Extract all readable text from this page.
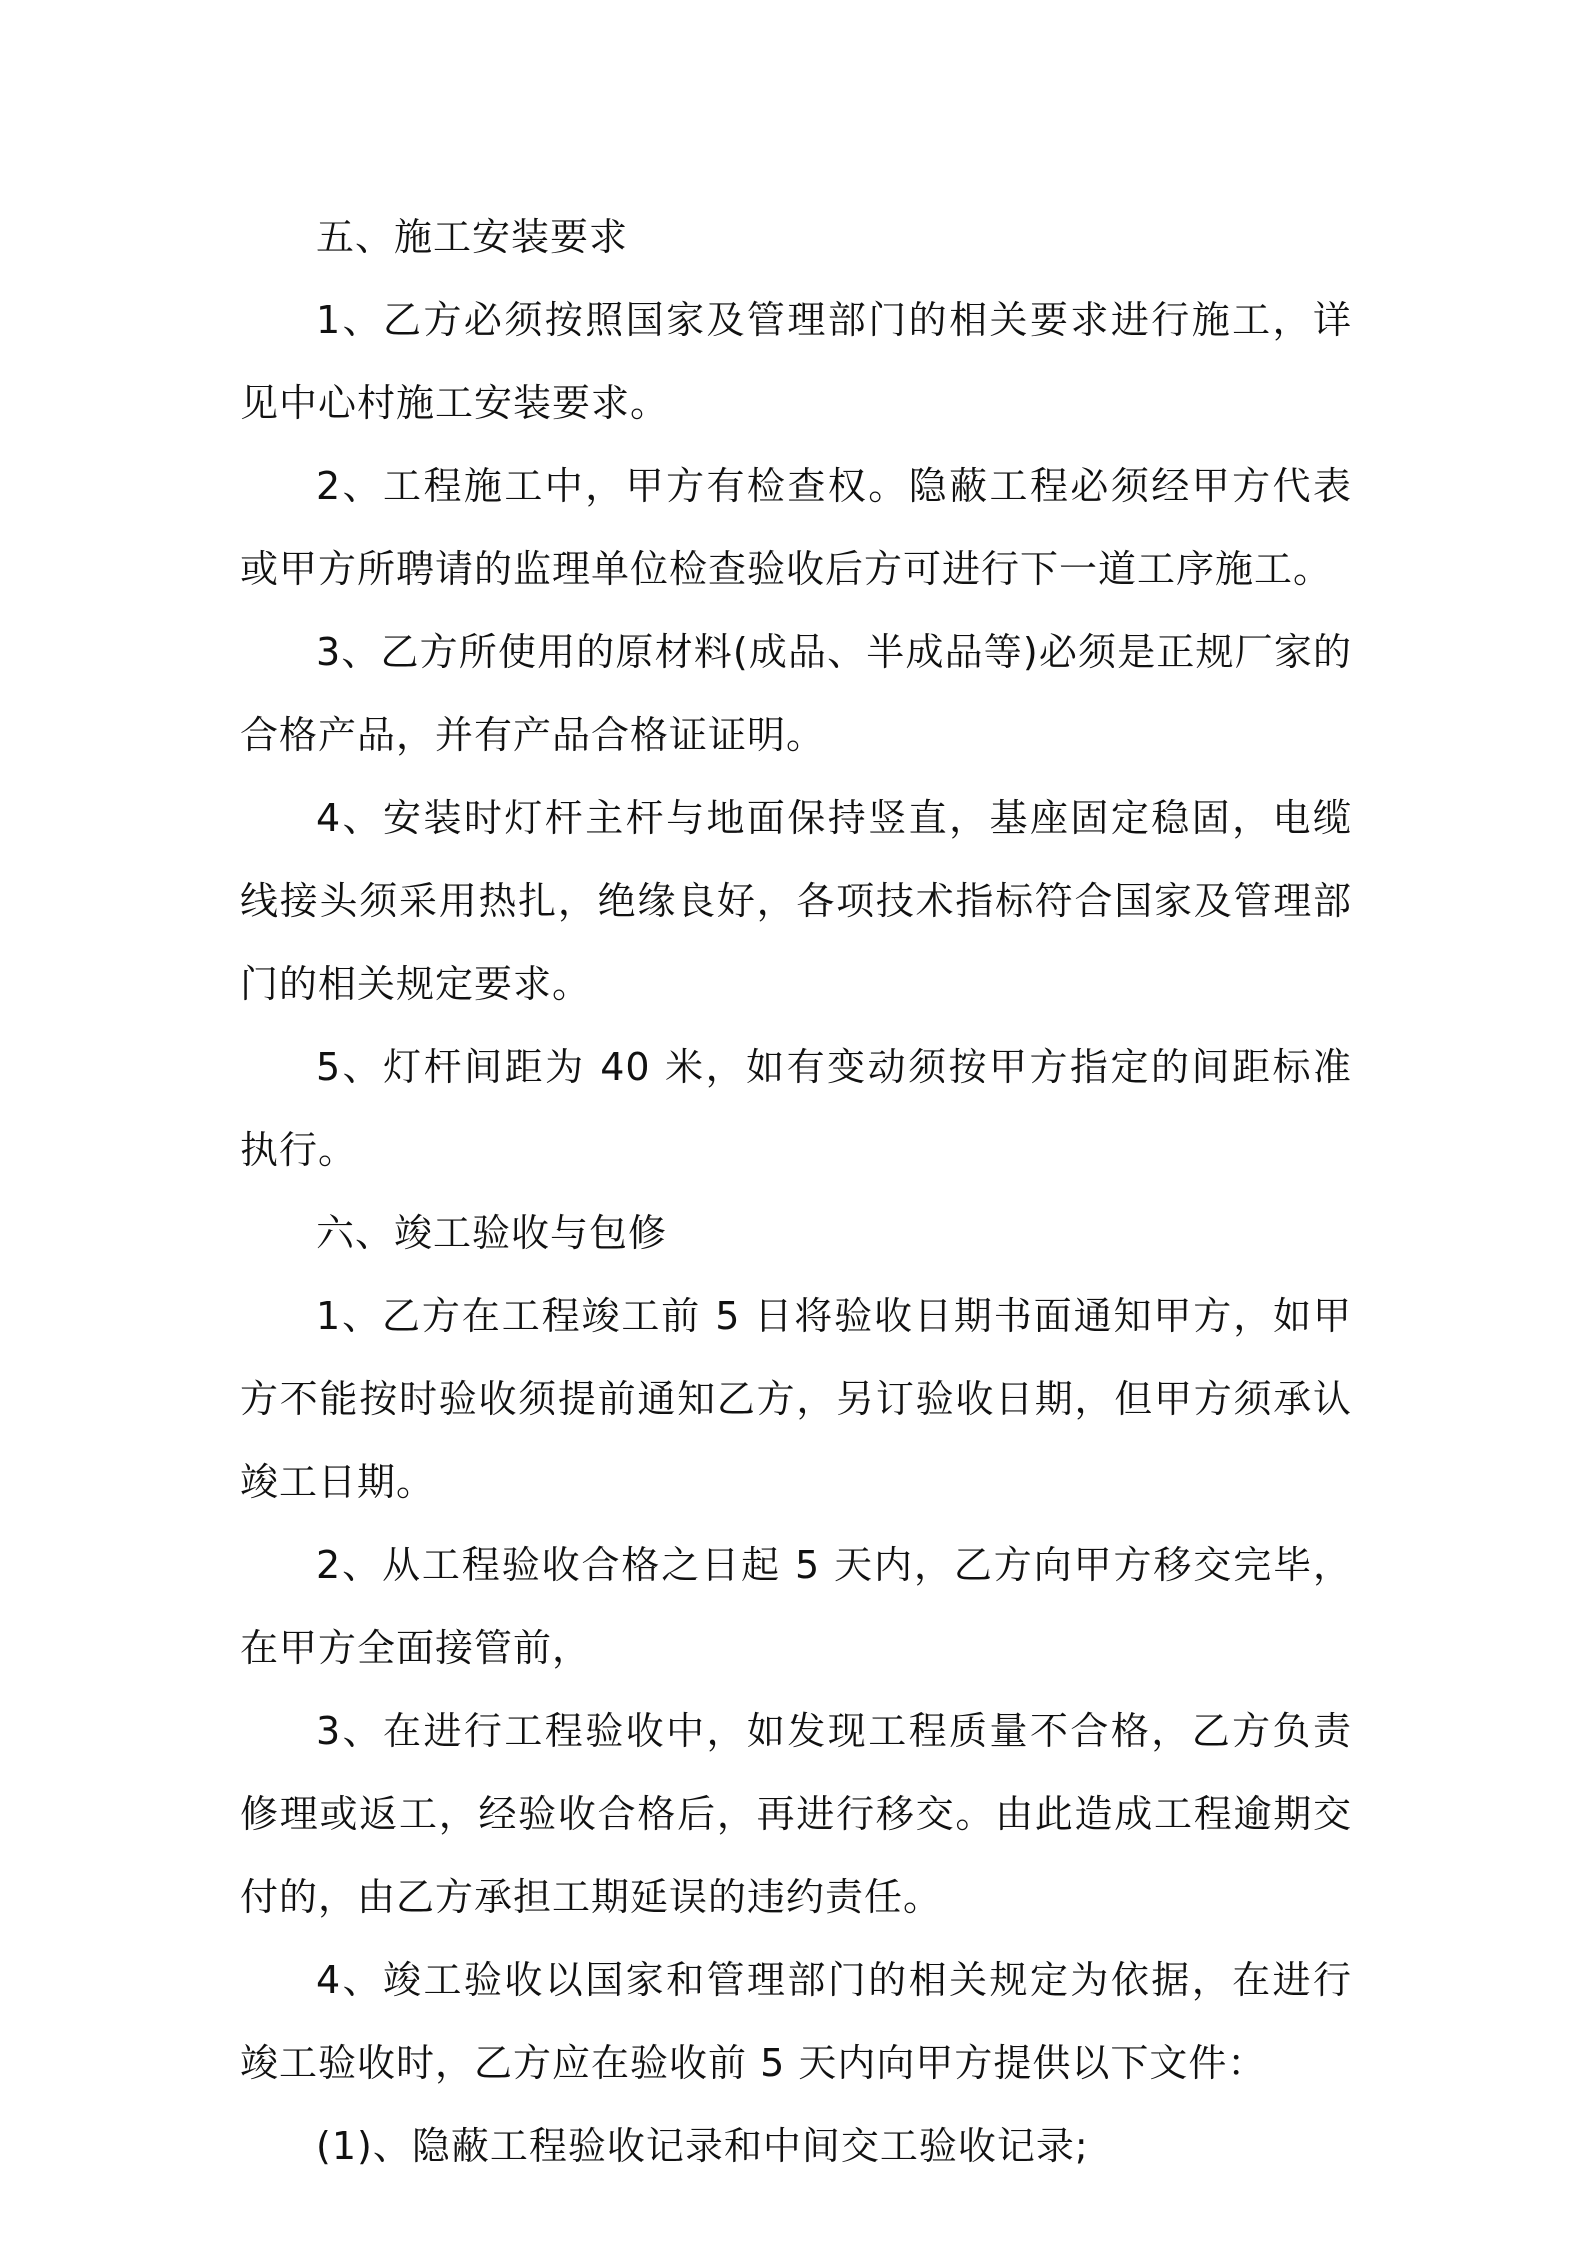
五、施工安装要求

1、乙方必须按照国家及管理部门的相关要求进行施工，详见中心村施工安装要求。

2、工程施工中，甲方有检查权。隐蔽工程必须经甲方代表或甲方所聘请的监理单位检查验收后方可进行下一道工序施工。

3、乙方所使用的原材料(成品、半成品等)必须是正规厂家的合格产品，并有产品合格证证明。

4、安装时灯杆主杆与地面保持竖直，基座固定稳固，电缆线接头须采用热扎，绝缘良好，各项技术指标符合国家及管理部门的相关规定要求。

5、灯杆间距为 40 米，如有变动须按甲方指定的间距标准执行。

六、竣工验收与包修

1、乙方在工程竣工前 5 日将验收日期书面通知甲方，如甲方不能按时验收须提前通知乙方，另订验收日期，但甲方须承认竣工日期。

2、从工程验收合格之日起 5 天内，乙方向甲方移交完毕，在甲方全面接管前，

3、在进行工程验收中，如发现工程质量不合格，乙方负责修理或返工，经验收合格后，再进行移交。由此造成工程逾期交付的，由乙方承担工期延误的违约责任。

4、竣工验收以国家和管理部门的相关规定为依据，在进行竣工验收时，乙方应在验收前 5 天内向甲方提供以下文件：

(1)、隐蔽工程验收记录和中间交工验收记录;
